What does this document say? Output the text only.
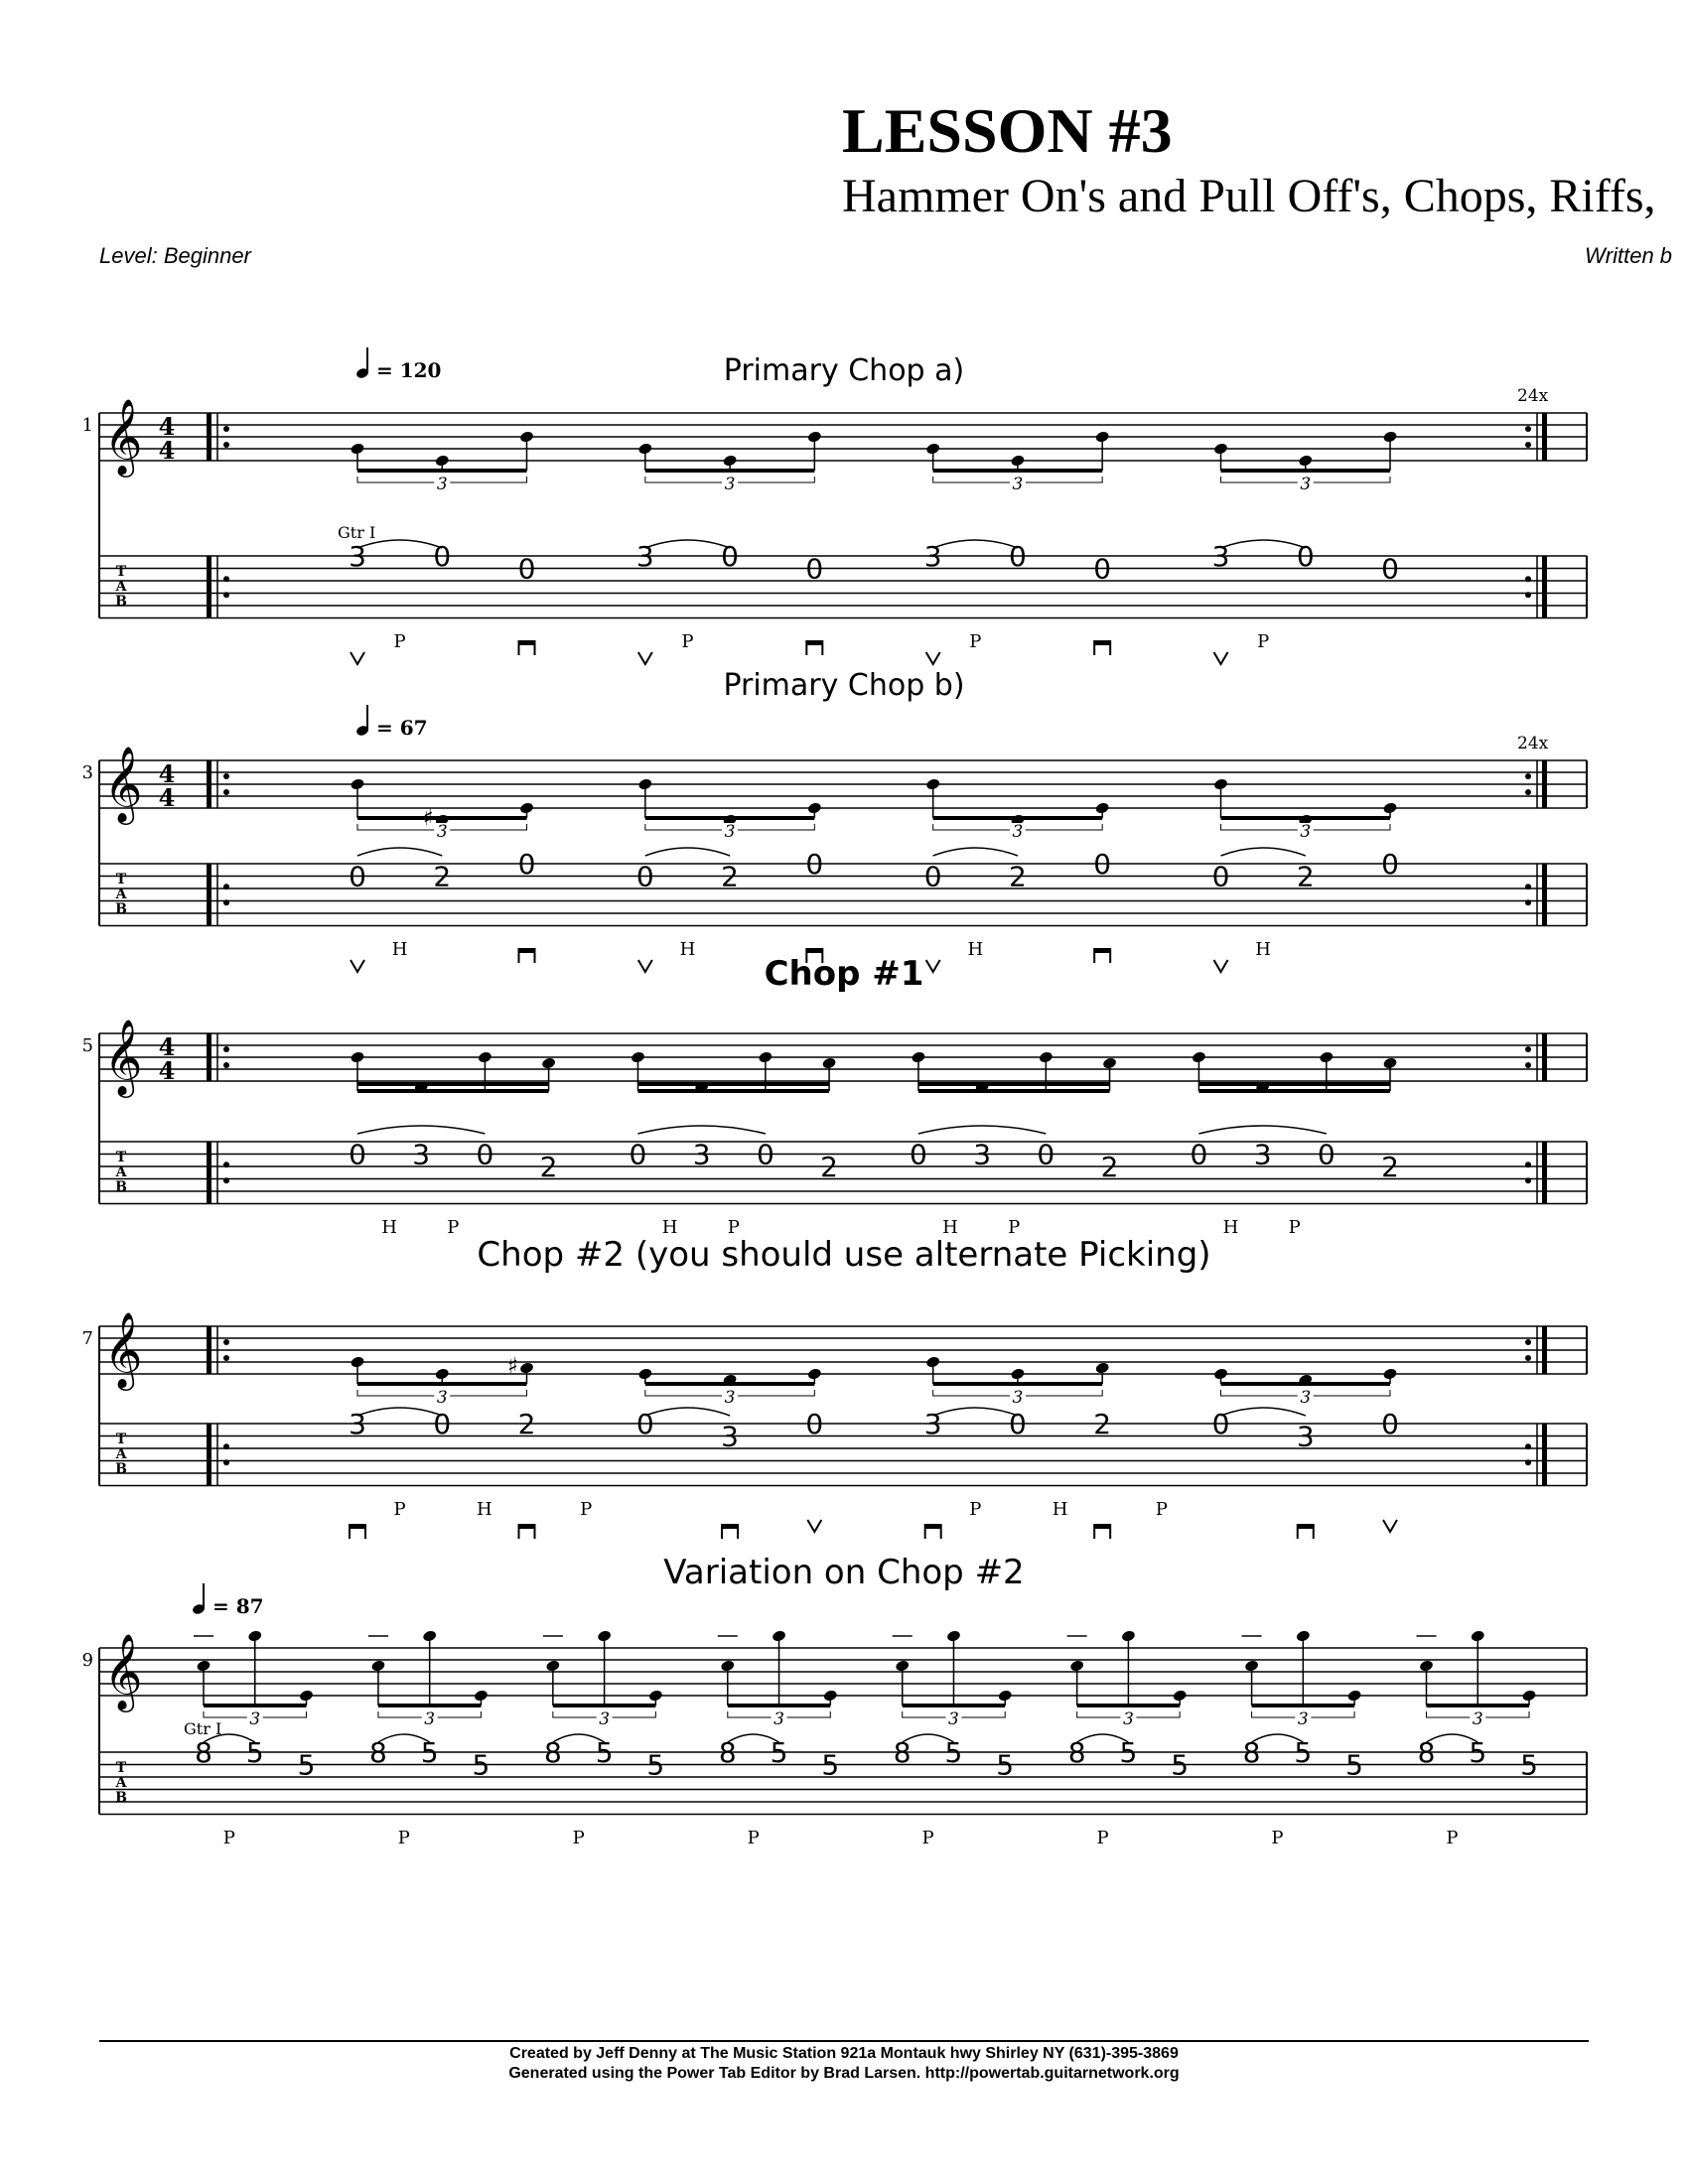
LESSON #3
Hammer On's and Pull Off's, Chops, Riffs,
Level: Beginner	Written b
Primary Chop a)
1 𝄞
T
A
B
4
4
24x
= 120
3 0 0	3 0 0	3 0 0	3 0 0
3	3	3	3
Gtr I
P	P	P	P
Primary Chop b)
3 𝄞
T
A
B
4
4
24x
= 67
0
♯
2 0	0 2 0	0 2 0	0 2 0
3	3	3	3
H	H	H	H
Chop #1
5 𝄞
T
A
B
4
4
0 3 0 2	0 3 0 2	0 3 0 2	0 3 0 2
H	P	H	P	H	P	H	P
Chop #2 (you should use alternate Picking)
7 𝄞
T
A
B
3 0
♯
2	0 3 0	3 0 2	0 3 0
3	3	3	3
P	H	P	P	H	P
Variation on Chop #2
9 𝄞
T
A
B
= 87
8 5 5 8 5 5 8 5 5 8 5 5 8 5 5 8 5 5 8 5 5 8 5 5
3	3	3	3	3	3	3	3
Gtr I
P	P	P	P	P	P	P	P
Created by Jeff Denny at The Music Station 921a Montauk hwy Shirley NY (631)-395-3869
Generated using the Power Tab Editor by Brad Larsen. http://powertab.guitarnetwork.org
